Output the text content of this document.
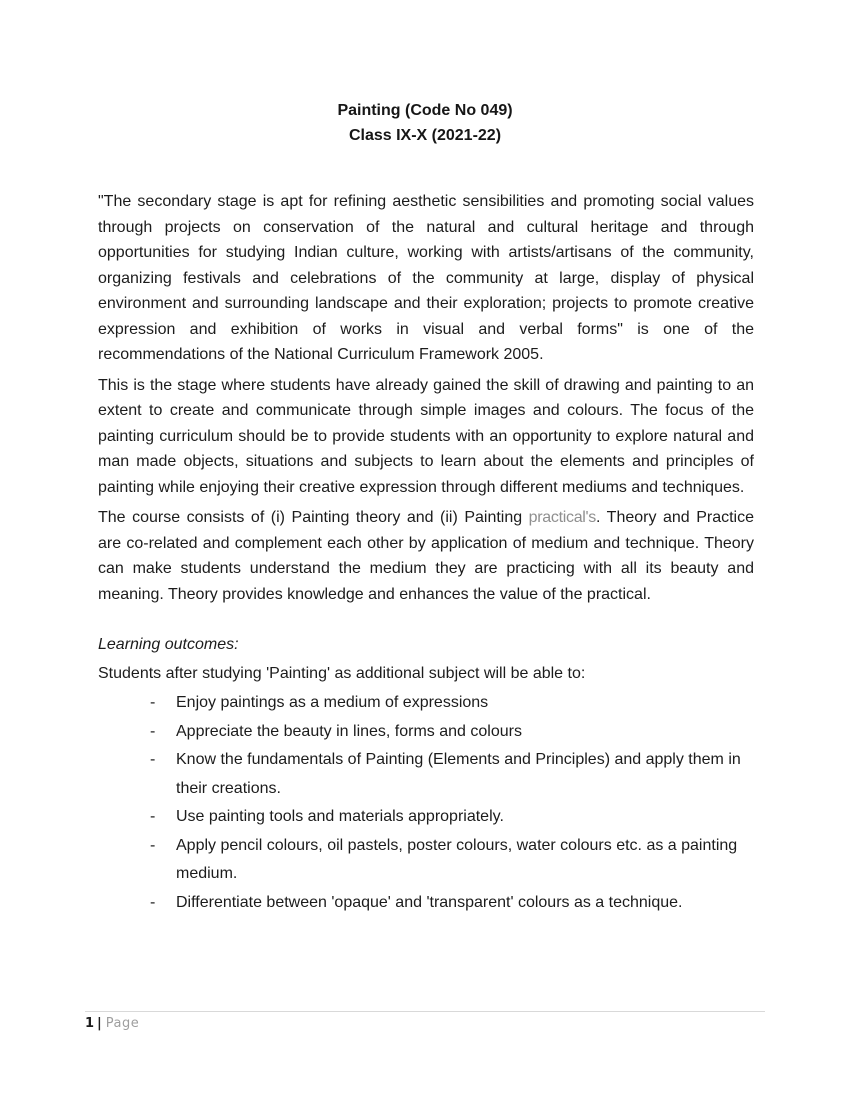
Painting (Code No 049)
Class IX-X (2021-22)

"The secondary stage is apt for refining aesthetic sensibilities and promoting social values through projects on conservation of the natural and cultural heritage and through opportunities for studying Indian culture, working with artists/artisans of the community, organizing festivals and celebrations of the community at large, display of physical environment and surrounding landscape and their exploration; projects to promote creative expression and exhibition of works in visual and verbal forms" is one of the recommendations of the National Curriculum Framework 2005.

This is the stage where students have already gained the skill of drawing and painting to an extent to create and communicate through simple images and colours. The focus of the painting curriculum should be to provide students with an opportunity to explore natural and man made objects, situations and subjects to learn about the elements and principles of painting while enjoying their creative expression through different mediums and techniques.

The course consists of (i) Painting theory and (ii) Painting practical's. Theory and Practice are co-related and complement each other by application of medium and technique. Theory can make students understand the medium they are practicing with all its beauty and meaning. Theory provides knowledge and enhances the value of the practical.

Learning outcomes:

Students after studying 'Painting' as additional subject will be able to:

- Enjoy paintings as a medium of expressions
- Appreciate the beauty in lines, forms and colours
- Know the fundamentals of Painting (Elements and Principles) and apply them in their creations.
- Use painting tools and materials appropriately.
- Apply pencil colours, oil pastels, poster colours, water colours etc. as a painting medium.
- Differentiate between 'opaque' and 'transparent' colours as a technique.
1 | Page
